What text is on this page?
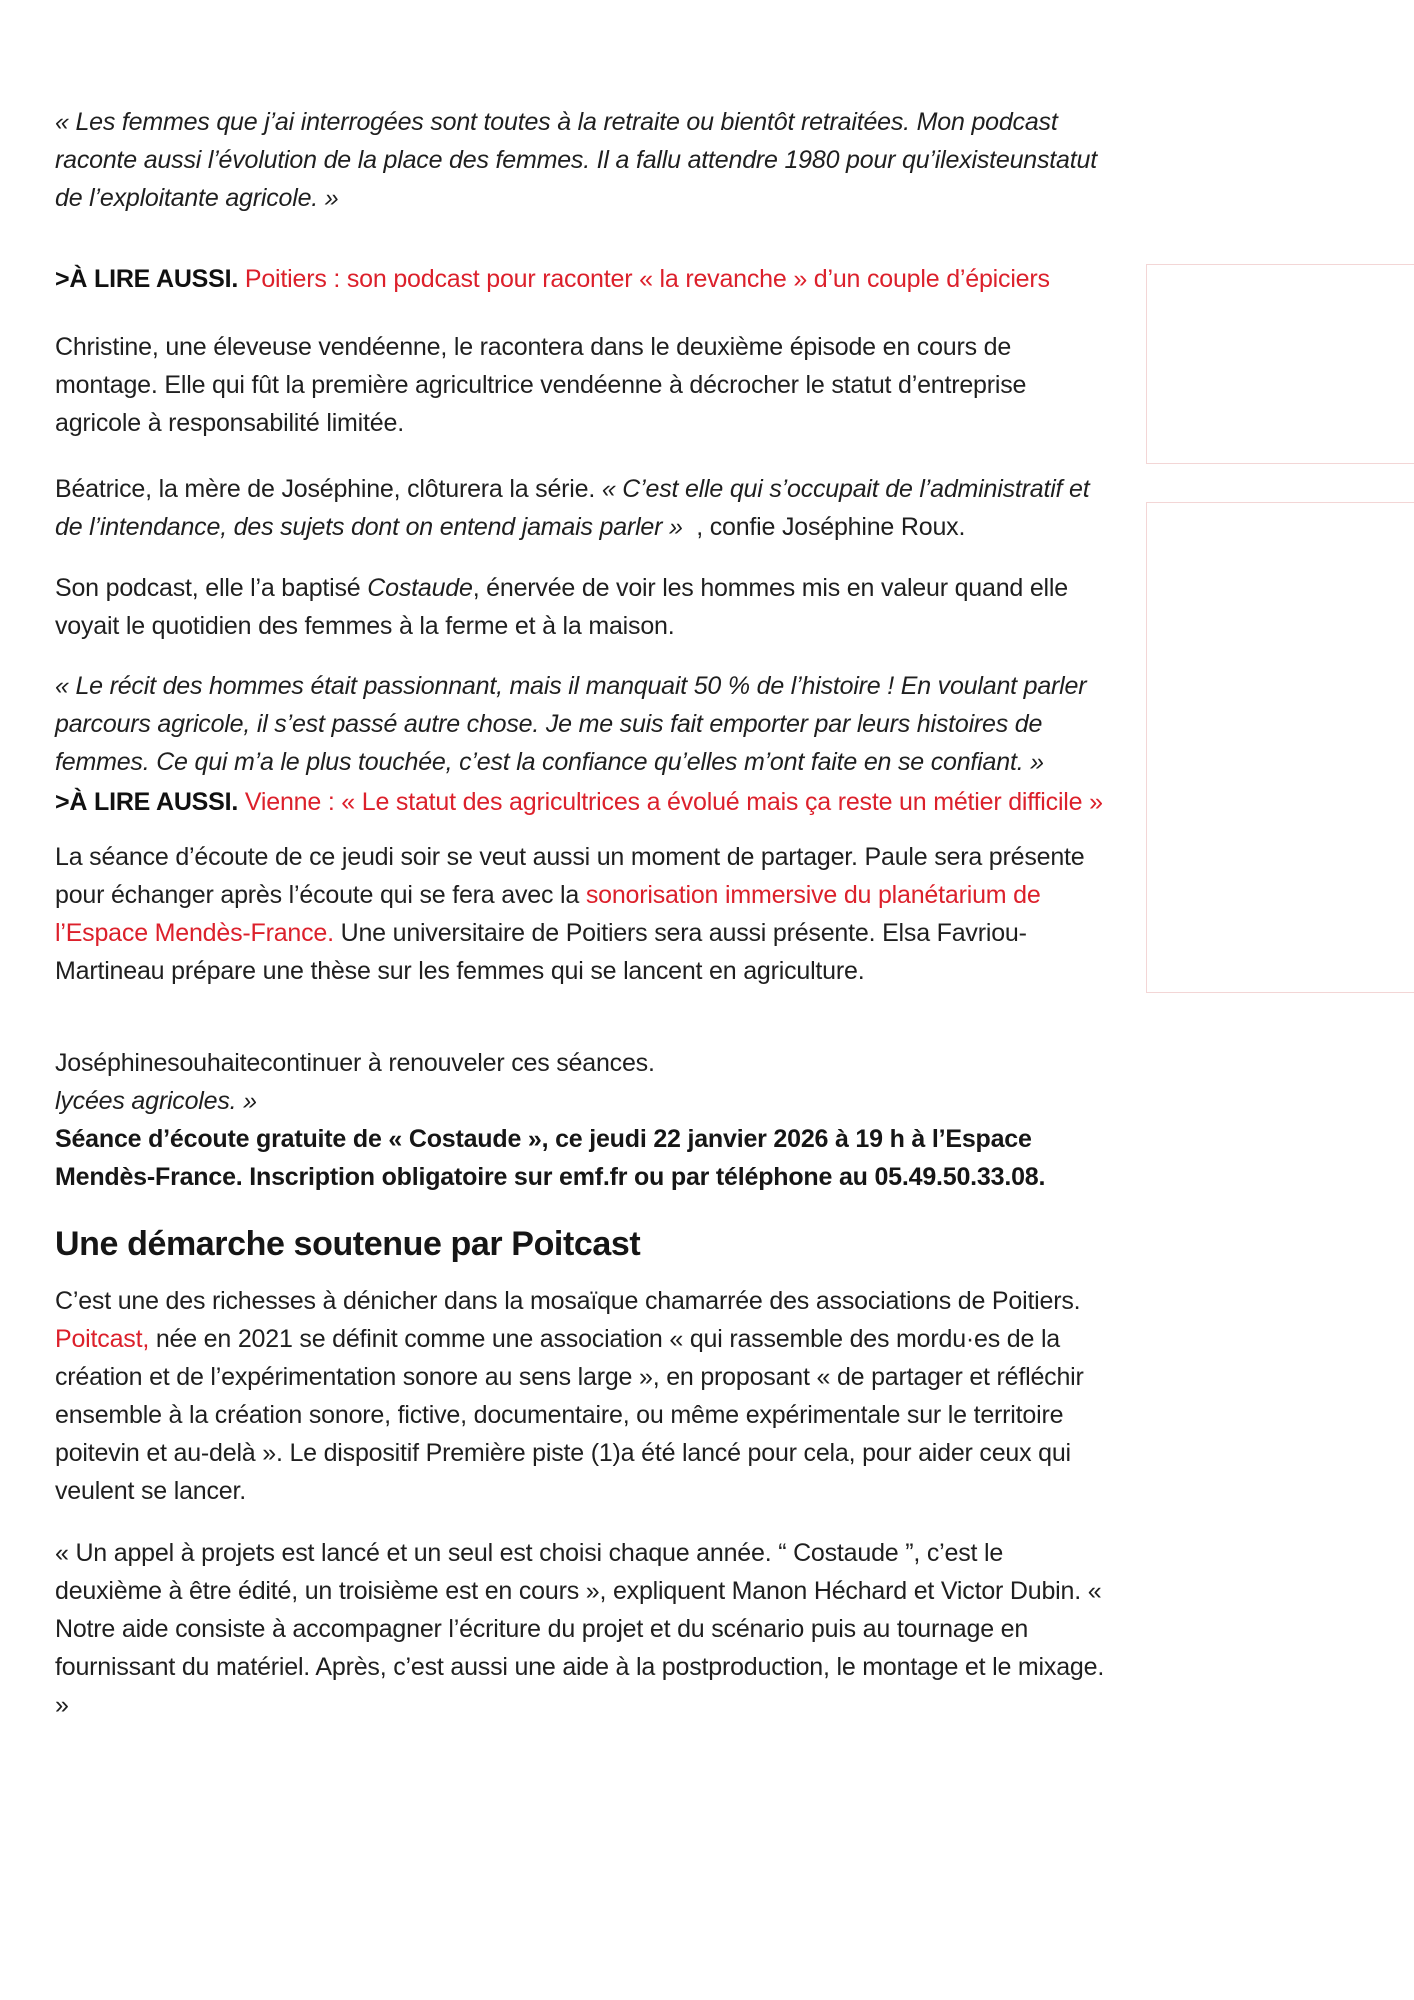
« Les femmes que j’ai interrogées sont toutes à la retraite ou bientôt retraitées. Mon podcast raconte aussi l’évolution de la place des femmes. Il a fallu attendre 1980 pour qu’ilexisteunstatut de l’exploitante agricole. »

>À LIRE AUSSI. Poitiers : son podcast pour raconter « la revanche » d’un couple d’épiciers

Christine, une éleveuse vendéenne, le racontera dans le deuxième épisode en cours de montage. Elle qui fût la première agricultrice vendéenne à décrocher le statut d’entreprise agricole à responsabilité limitée.

Béatrice, la mère de Joséphine, clôturera la série. « C’est elle qui s’occupait de l’administratif et de l’intendance, des sujets dont on entend jamais parler »  , confie Joséphine Roux.

Son podcast, elle l’a baptisé Costaude, énervée de voir les hommes mis en valeur quand elle voyait le quotidien des femmes à la ferme et à la maison.

« Le récit des hommes était passionnant, mais il manquait 50 % de l’histoire ! En voulant parler parcours agricole, il s’est passé autre chose. Je me suis fait emporter par leurs histoires de femmes. Ce qui m’a le plus touchée, c’est la confiance qu’elles m’ont faite en se confiant. »

>À LIRE AUSSI. Vienne : « Le statut des agricultrices a évolué mais ça reste un métier difficile »

La séance d’écoute de ce jeudi soir se veut aussi un moment de partager. Paule sera présente pour échanger après l’écoute qui se fera avec la sonorisation immersive du planétarium de l’Espace Mendès-France. Une universitaire de Poitiers sera aussi présente. Elsa Favriou-Martineau prépare une thèse sur les femmes qui se lancent en agriculture.

Joséphinesouhaitecontinuer à renouveler ces séances.

lycées agricoles. »

Séance d’écoute gratuite de « Costaude », ce jeudi 22 janvier 2026 à 19 h à l’Espace Mendès-France. Inscription obligatoire sur emf.fr ou par téléphone au 05.49.50.33.08.

Une démarche soutenue par Poitcast

C’est une des richesses à dénicher dans la mosaïque chamarrée des associations de Poitiers. Poitcast, née en 2021 se définit comme une association « qui rassemble des mordu·es de la création et de l’expérimentation sonore au sens large », en proposant « de partager et réfléchir ensemble à la création sonore, fictive, documentaire, ou même expérimentale sur le territoire poitevin et au-delà ». Le dispositif Première piste (1)a été lancé pour cela, pour aider ceux qui veulent se lancer.

« Un appel à projets est lancé et un seul est choisi chaque année. “ Costaude ”, c’est le deuxième à être édité, un troisième est en cours », expliquent Manon Héchard et Victor Dubin. « Notre aide consiste à accompagner l’écriture du projet et du scénario puis au tournage en fournissant du matériel. Après, c’est aussi une aide à la postproduction, le montage et le mixage. »
